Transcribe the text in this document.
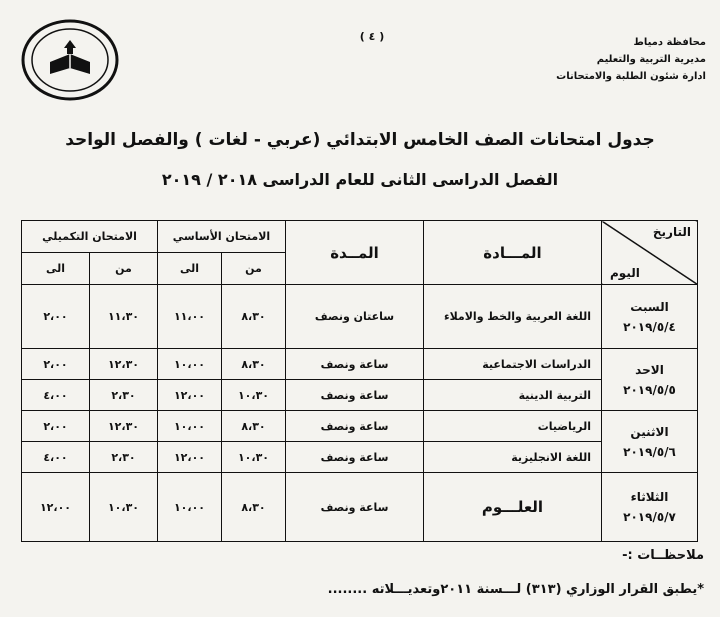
محافظة دمياط
مديرية التربية والتعليم
ادارة شئون الطلبة والامتحانات
( ٤ )
جدول امتحانات الصف الخامس الابتدائي (عربي - لغات ) والفصل الواحد
الفصل الدراسى الثانى للعام الدراسى ٢٠١٨ / ٢٠١٩
التاريخ
اليوم	المـــادة	المــدة	الامتحان الأساسي		الامتحان التكميلي	
			من	الى	من	الى

السبت
٢٠١٩/٥/٤	اللغة العربية والخط والاملاء	ساعتان ونصف	٨،٣٠	١١،٠٠	١١،٣٠	٢،٠٠

الاحد
٢٠١٩/٥/٥	الدراسات الاجتماعية	ساعة ونصف	٨،٣٠	١٠،٠٠	١٢،٣٠	٢،٠٠
	التربية الدينية	ساعة ونصف	١٠،٣٠	١٢،٠٠	٢،٣٠	٤،٠٠

الاثنين
٢٠١٩/٥/٦	الرياضيات	ساعة ونصف	٨،٣٠	١٠،٠٠	١٢،٣٠	٢،٠٠
	اللغة الانجليزية	ساعة ونصف	١٠،٣٠	١٢،٠٠	٢،٣٠	٤،٠٠

الثلاثاء
٢٠١٩/٥/٧	العلـــوم	ساعة ونصف	٨،٣٠	١٠،٠٠	١٠،٣٠	١٢،٠٠
ملاحظــات :-
*يطبق القرار الوزاري (٣١٣) لـــسنة ٢٠١١وتعديـــلاته ........
